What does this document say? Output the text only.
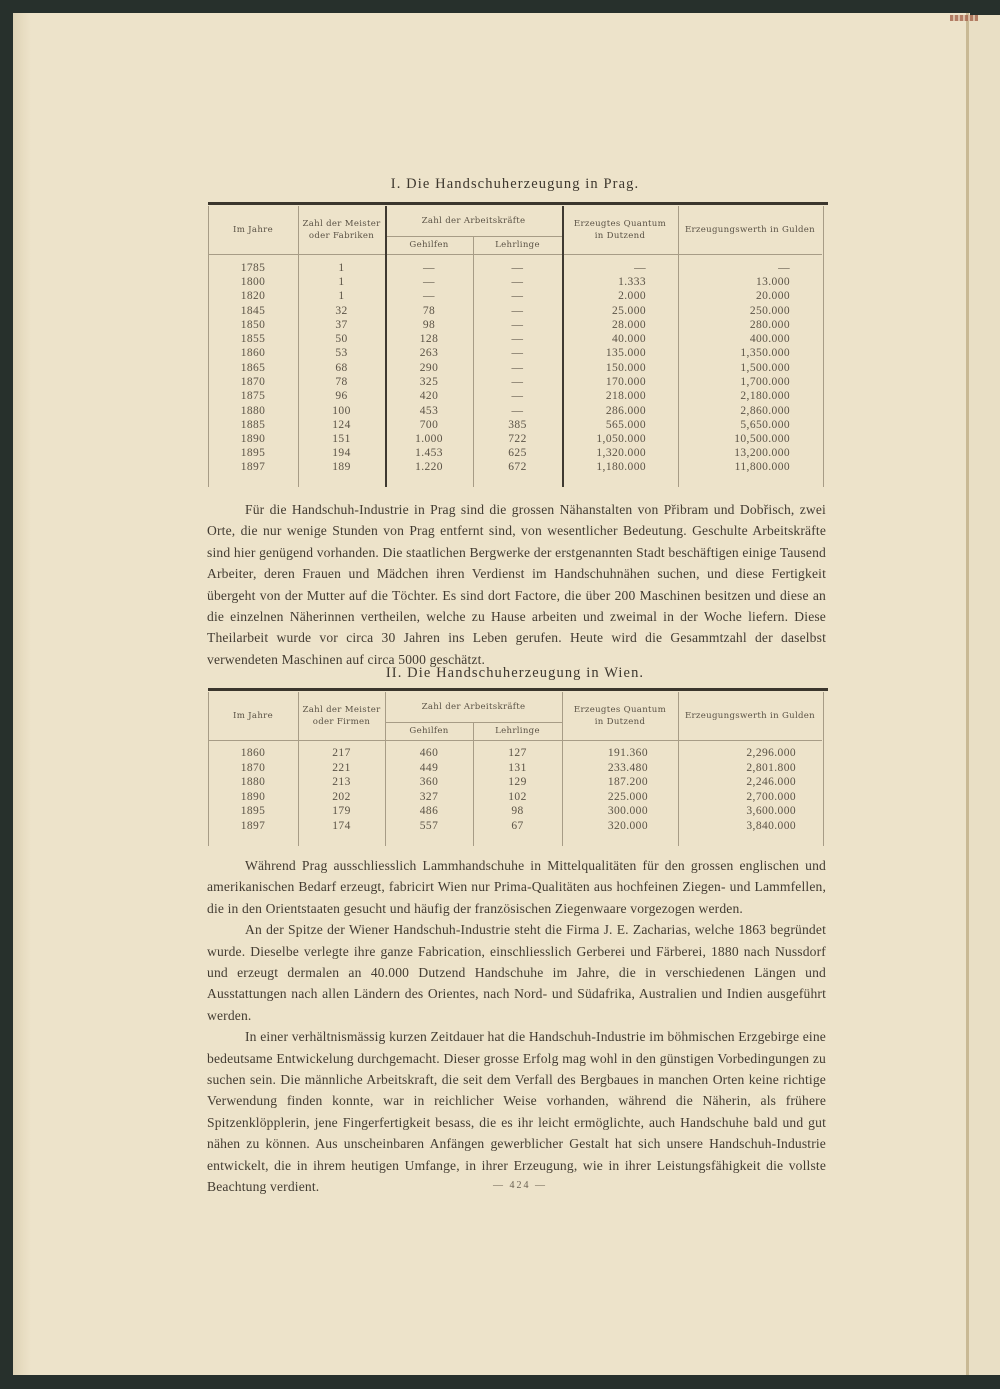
I. Die Handschuherzeugung in Prag.
Im Jahre
Zahl der Meister oder Fabriken
Zahl der Arbeitskräfte
Gehilfen	Lehrlinge
Erzeugtes Quantum in Dutzend
Erzeugungswerth in Gulden
1785	1	—	—	—	—
1800	1	—	—	1.333	13.000
1820	1	—	—	2.000	20.000
1845	32	78	—	25.000	250.000
1850	37	98	—	28.000	280.000
1855	50	128	—	40.000	400.000
1860	53	263	—	135.000	1,350.000
1865	68	290	—	150.000	1,500.000
1870	78	325	—	170.000	1,700.000
1875	96	420	—	218.000	2,180.000
1880	100	453	—	286.000	2,860.000
1885	124	700	385	565.000	5,650.000
1890	151	1.000	722	1,050.000	10,500.000
1895	194	1.453	625	1,320.000	13,200.000
1897	189	1.220	672	1,180.000	11,800.000

Für die Handschuh-Industrie in Prag sind die grossen Nähanstalten von Přibram und Dobřisch, zwei Orte, die nur wenige Stunden von Prag entfernt sind, von wesentlicher Bedeutung. Geschulte Arbeitskräfte sind hier genügend vorhanden. Die staatlichen Bergwerke der erstgenannten Stadt beschäftigen einige Tausend Arbeiter, deren Frauen und Mädchen ihren Verdienst im Handschuhnähen suchen, und diese Fertigkeit übergeht von der Mutter auf die Töchter. Es sind dort Factore, die über 200 Maschinen besitzen und diese an die einzelnen Näherinnen vertheilen, welche zu Hause arbeiten und zweimal in der Woche liefern. Diese Theilarbeit wurde vor circa 30 Jahren ins Leben gerufen. Heute wird die Gesammtzahl der daselbst verwendeten Maschinen auf circa 5000 geschätzt.

II. Die Handschuherzeugung in Wien.
Im Jahre
Zahl der Meister oder Firmen
Zahl der Arbeitskräfte
Gehilfen	Lehrlinge
Erzeugtes Quantum in Dutzend
Erzeugungswerth in Gulden
1860	217	460	127	191.360	2,296.000
1870	221	449	131	233.480	2,801.800
1880	213	360	129	187.200	2,246.000
1890	202	327	102	225.000	2,700.000
1895	179	486	98	300.000	3,600.000
1897	174	557	67	320.000	3,840.000

Während Prag ausschliesslich Lammhandschuhe in Mittelqualitäten für den grossen englischen und amerikanischen Bedarf erzeugt, fabricirt Wien nur Prima-Qualitäten aus hochfeinen Ziegen- und Lammfellen, die in den Orientstaaten gesucht und häufig der französischen Ziegenwaare vorgezogen werden.

An der Spitze der Wiener Handschuh-Industrie steht die Firma J. E. Zacharias, welche 1863 begründet wurde. Dieselbe verlegte ihre ganze Fabrication, einschliesslich Gerberei und Färberei, 1880 nach Nussdorf und erzeugt dermalen an 40.000 Dutzend Handschuhe im Jahre, die in verschiedenen Längen und Ausstattungen nach allen Ländern des Orientes, nach Nord- und Südafrika, Australien und Indien ausgeführt werden.

In einer verhältnismässig kurzen Zeitdauer hat die Handschuh-Industrie im böhmischen Erzgebirge eine bedeutsame Entwickelung durchgemacht. Dieser grosse Erfolg mag wohl in den günstigen Vorbedingungen zu suchen sein. Die männliche Arbeitskraft, die seit dem Verfall des Bergbaues in manchen Orten keine richtige Verwendung finden konnte, war in reichlicher Weise vorhanden, während die Näherin, als frühere Spitzenklöpplerin, jene Fingerfertigkeit besass, die es ihr leicht ermöglichte, auch Handschuhe bald und gut nähen zu können. Aus unscheinbaren Anfängen gewerblicher Gestalt hat sich unsere Handschuh-Industrie entwickelt, die in ihrem heutigen Umfange, in ihrer Erzeugung, wie in ihrer Leistungsfähigkeit die vollste Beachtung verdient.	— 424 —
